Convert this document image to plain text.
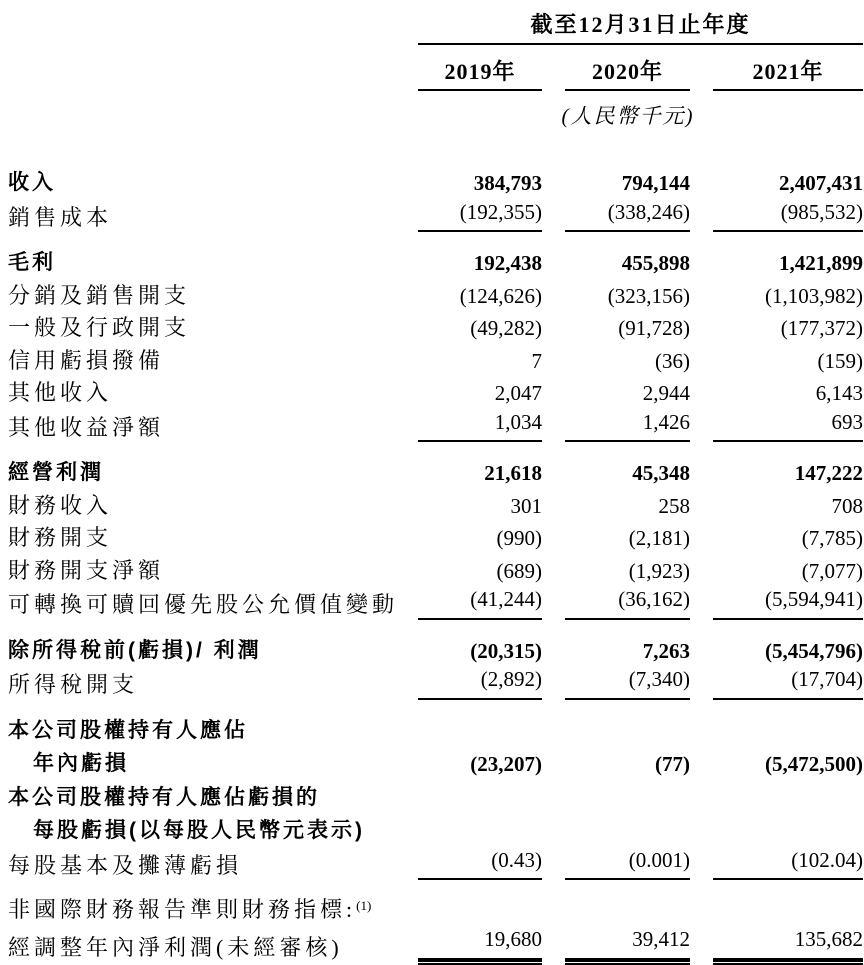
截至12月31日止年度
2019年	2020年	2021年
(人民幣千元)
收入	384,793	794,144	2,407,431
銷售成本	(192,355)	(338,246)	(985,532)
毛利	192,438	455,898	1,421,899
分銷及銷售開支	(124,626)	(323,156)	(1,103,982)
一般及行政開支	(49,282)	(91,728)	(177,372)
信用虧損撥備	7	(36)	(159)
其他收入	2,047	2,944	6,143
其他收益淨額	1,034	1,426	693
經營利潤	21,618	45,348	147,222
財務收入	301	258	708
財務開支	(990)	(2,181)	(7,785)
財務開支淨額	(689)	(1,923)	(7,077)
可轉換可贖回優先股公允價值變動	(41,244)	(36,162)	(5,594,941)
除所得稅前(虧損)/ 利潤	(20,315)	7,263	(5,454,796)
所得稅開支	(2,892)	(7,340)	(17,704)
本公司股權持有人應佔
年內虧損	(23,207)	(77)	(5,472,500)
本公司股權持有人應佔虧損的
每股虧損(以每股人民幣元表示)
每股基本及攤薄虧損	(0.43)	(0.001)	(102.04)
非國際財務報告準則財務指標:$^{(1)}$
經調整年內淨利潤(未經審核)	19,680	39,412	135,682
